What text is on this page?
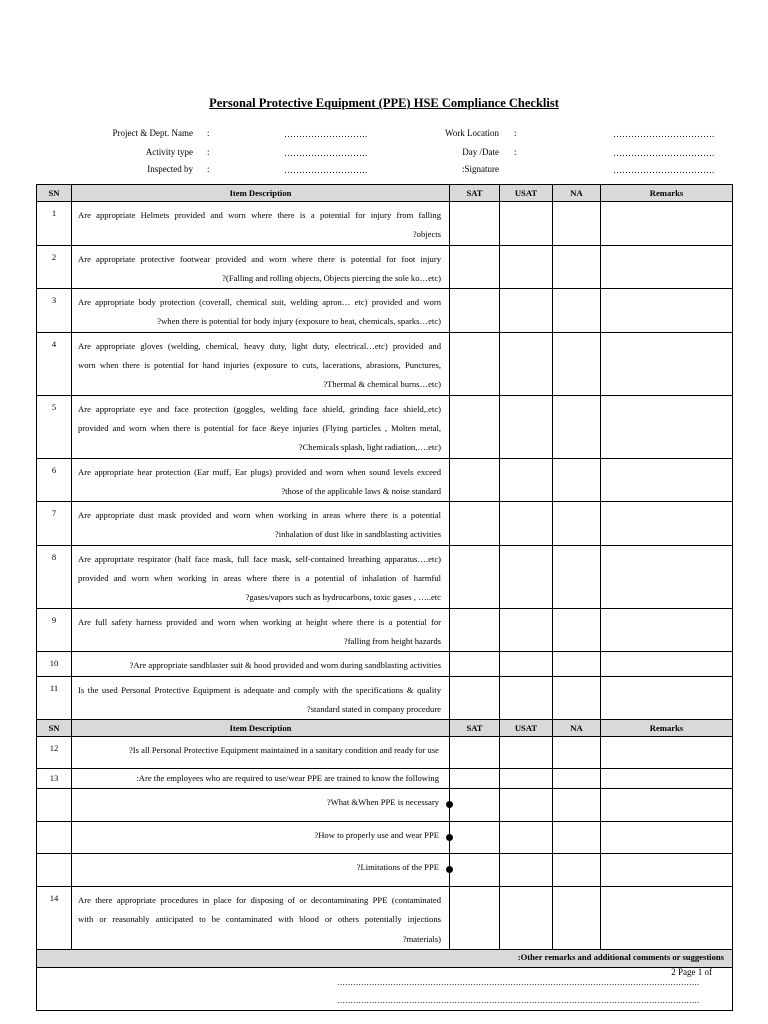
Personal Protective Equipment (PPE) HSE Compliance Checklist
Project & Dept. Name :	……………………….
Activity type :	……………………….
Inspected by :	……………………….
Work Location :	…………………………….
Day /Date :	…………………………….
:Signature	…………………………….
SN	Item Description	SAT	USAT	NA	Remarks
1	Are appropriate Helmets provided and worn where there is a potential for injury from falling
?objects				

2	Are appropriate protective footwear provided and worn where there is potential for foot injury
?(Falling and rolling objects, Objects piercing the sole ko…etc)				

3	Are appropriate body protection (coverall, chemical suit, welding apron… etc) provided and worn
?when there is potential for body injury (exposure to heat, chemicals, sparks…etc)				

4	Are appropriate gloves (welding, chemical, heavy duty, light duty, electrical…etc) provided and
worn when there is potential for hand injuries (exposure to cuts, lacerations, abrasions, Punctures,
?Thermal & chemical burns…etc)				

5	Are appropriate eye and face protection (goggles, welding face shield, grinding face shield,.etc)
provided and worn when there is potential for face &eye injuries (Flying particles , Molten metal,
?Chemicals splash, light radiation,….etc)				

6	Are appropriate hear protection (Ear muff, Ear plugs) provided and worn when sound levels exceed
?those of the applicable laws & noise standard				

7	Are appropriate dust mask provided and worn when working in areas where there is a potential
?inhalation of dust like in sandblasting activities				

8	Are appropriate respirator (half face mask, full face mask, self-contained breathing apparatus….etc)
provided and worn when working in areas where there is a potential of inhalation of harmful
?gases/vapors such as hydrocarbons, toxic gases , …..etc				

9	Are full safety harness provided and worn when working at height where there is a potential for
?falling from height hazards				

10	?Are appropriate sandblaster suit & hood provided and worn during sandblasting activities				

11	Is the used Personal Protective Equipment is adequate and comply with the specifications & quality
?standard stated in company procedure				

SN	Item Description	SAT	USAT	NA	Remarks
12	?Is all Personal Protective Equipment maintained in a sanitary condition and ready for use				
13	:Are the employees who are required to use/wear PPE are trained to know the following				
	?What &When PPE is necessary

	?How to properly use and wear PPE

	?Limitations of the PPE

14	Are there appropriate procedures in place for disposing of or decontaminating PPE (contaminated
with or reasonably anticipated to be contaminated with blood or others potentially injections
?materials)				

:Other remarks and additional comments or suggestions					

……………………………………………………………………………………………………………………….
……………………………………………………………………………………………………………………….					
2 Page 1 of
